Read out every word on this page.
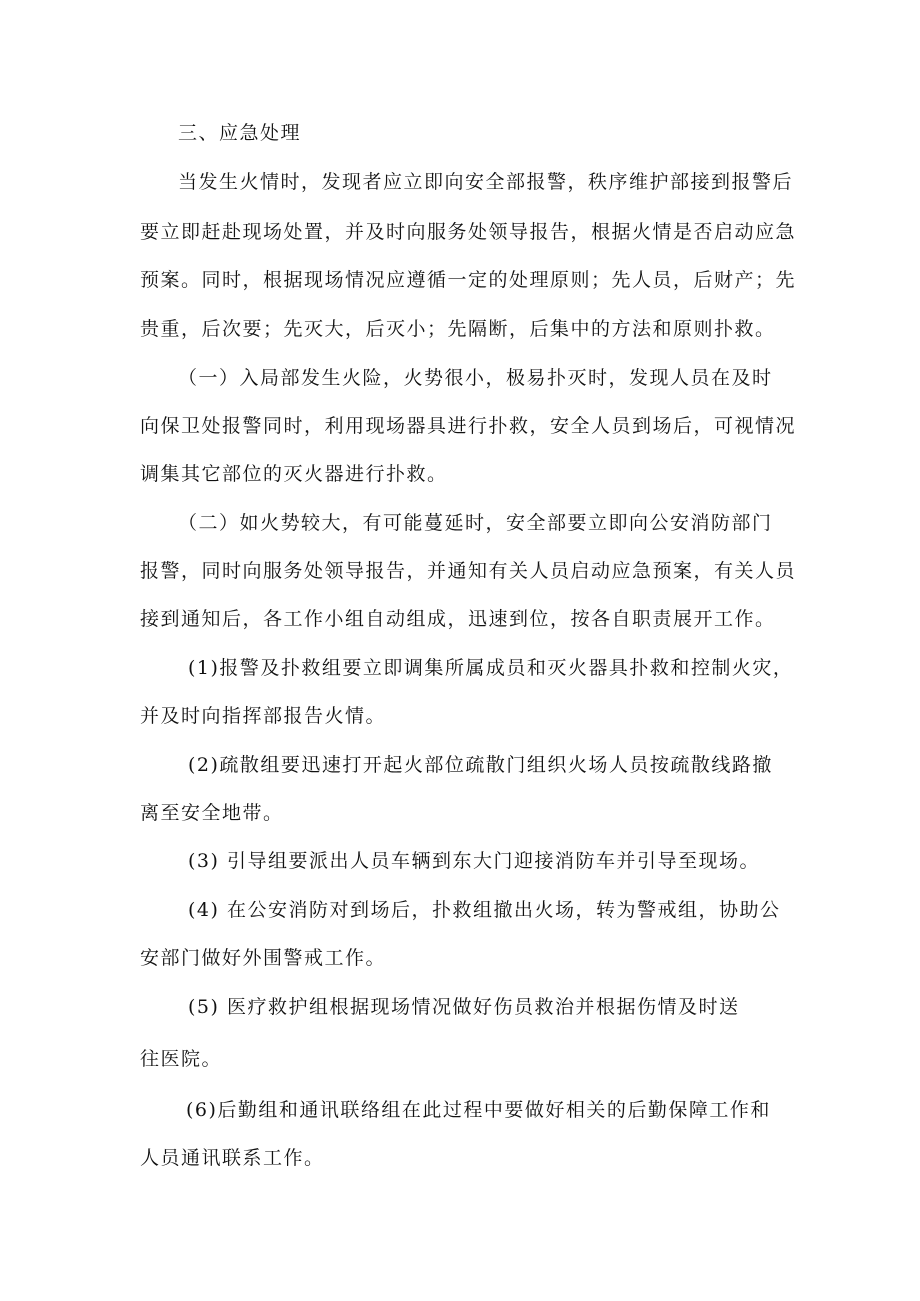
三、应急处理
当发生火情时，发现者应立即向安全部报警，秩序维护部接到报警后
要立即赶赴现场处置，并及时向服务处领导报告，根据火情是否启动应急
预案。同时，根据现场情况应遵循一定的处理原则；先人员，后财产；先
贵重，后次要；先灭大，后灭小；先隔断，后集中的方法和原则扑救。
（一）入局部发生火险，火势很小，极易扑灭时，发现人员在及时
向保卫处报警同时，利用现场器具进行扑救，安全人员到场后，可视情况
调集其它部位的灭火器进行扑救。
（二）如火势较大，有可能蔓延时，安全部要立即向公安消防部门
报警，同时向服务处领导报告，并通知有关人员启动应急预案，有关人员
接到通知后，各工作小组自动组成，迅速到位，按各自职责展开工作。
(1)报警及扑救组要立即调集所属成员和灭火器具扑救和控制火灾，
并及时向指挥部报告火情。
(2)疏散组要迅速打开起火部位疏散门组织火场人员按疏散线路撤
离至安全地带。
(3) 引导组要派出人员车辆到东大门迎接消防车并引导至现场。
(4) 在公安消防对到场后，扑救组撤出火场，转为警戒组，协助公
安部门做好外围警戒工作。
(5) 医疗救护组根据现场情况做好伤员救治并根据伤情及时送
往医院。
(6)后勤组和通讯联络组在此过程中要做好相关的后勤保障工作和
人员通讯联系工作。
